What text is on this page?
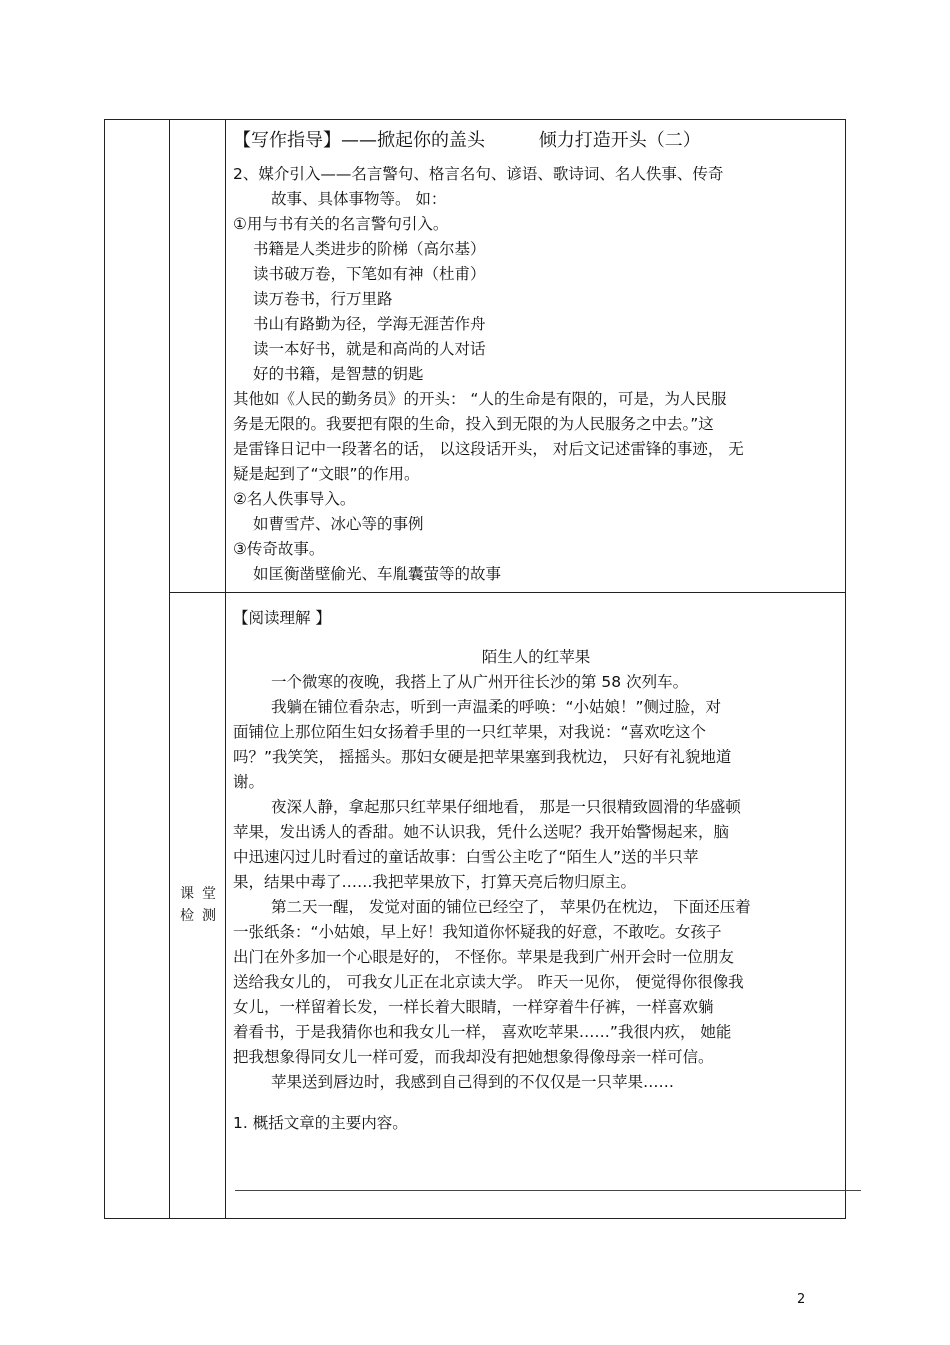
【写作指导】——掀起你的盖头	倾力打造开头（二）

2、媒介引入——名言警句、格言名句、谚语、歌诗词、名人佚事、传奇

故事、具体事物等。 如：

①用与书有关的名言警句引入。

书籍是人类进步的阶梯（高尔基）

读书破万卷，下笔如有神（杜甫）

读万卷书，行万里路

书山有路勤为径，学海无涯苦作舟

读一本好书，就是和高尚的人对话

好的书籍，是智慧的钥匙

其他如《人民的勤务员》的开头： “人的生命是有限的，可是，为人民服

务是无限的。我要把有限的生命，投入到无限的为人民服务之中去。”这

是雷锋日记中一段著名的话， 以这段话开头， 对后文记述雷锋的事迹， 无

疑是起到了“文眼”的作用。

②名人佚事导入。

如曹雪芹、冰心等的事例

③传奇故事。

如匡衡凿壁偷光、车胤囊萤等的故事

课堂
检测

【阅读理解 】

陌生人的红苹果

一个微寒的夜晚，我搭上了从广州开往长沙的第 58 次列车。

我躺在铺位看杂志，听到一声温柔的呼唤：“小姑娘！”侧过脸，对

面铺位上那位陌生妇女扬着手里的一只红苹果，对我说：“喜欢吃这个

吗？”我笑笑， 摇摇头。那妇女硬是把苹果塞到我枕边， 只好有礼貌地道

谢。

夜深人静，拿起那只红苹果仔细地看， 那是一只很精致圆滑的华盛顿

苹果，发出诱人的香甜。她不认识我，凭什么送呢？我开始警惕起来，脑

中迅速闪过儿时看过的童话故事：白雪公主吃了“陌生人”送的半只苹

果，结果中毒了……我把苹果放下，打算天亮后物归原主。

第二天一醒， 发觉对面的铺位已经空了， 苹果仍在枕边， 下面还压着

一张纸条：“小姑娘，早上好！我知道你怀疑我的好意，不敢吃。女孩子

出门在外多加一个心眼是好的， 不怪你。苹果是我到广州开会时一位朋友

送给我女儿的， 可我女儿正在北京读大学。 昨天一见你， 便觉得你很像我

女儿，一样留着长发，一样长着大眼睛，一样穿着牛仔裤，一样喜欢躺

着看书，于是我猜你也和我女儿一样， 喜欢吃苹果……”我很内疚， 她能

把我想象得同女儿一样可爱，而我却没有把她想象得像母亲一样可信。

苹果送到唇边时，我感到自己得到的不仅仅是一只苹果……

1. 概括文章的主要内容。

2
